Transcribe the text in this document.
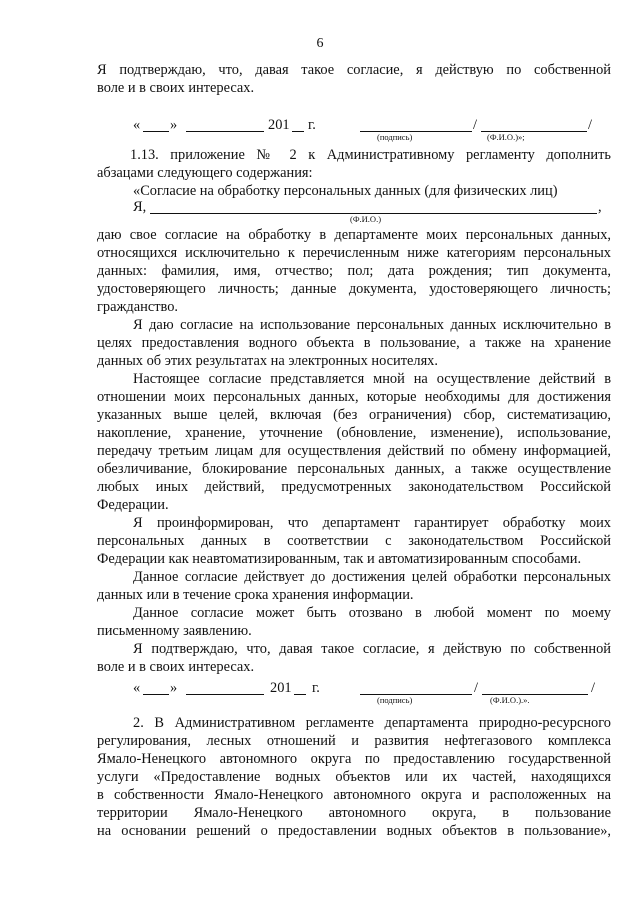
6
Я подтверждаю, что, давая такое согласие, я действую по собственной
воле и в своих интересах.
« »	201 г.	/	/
(подпись)	(Ф.И.О.)»;
1.13. приложение № 2 к Административному регламенту дополнить
абзацами следующего содержания:
«Согласие на обработку персональных данных (для физических лиц)
Я,	,
(Ф.И.О.)
даю свое согласие на обработку в департаменте моих персональных данных,
относящихся исключительно к перечисленным ниже категориям персональных
данных: фамилия, имя, отчество; пол; дата рождения; тип документа,
удостоверяющего личность; данные документа, удостоверяющего личность;
гражданство.
Я даю согласие на использование персональных данных исключительно в
целях предоставления водного объекта в пользование, а также на хранение
данных об этих результатах на электронных носителях.
Настоящее согласие представляется мной на осуществление действий в
отношении моих персональных данных, которые необходимы для достижения
указанных выше целей, включая (без ограничения) сбор, систематизацию,
накопление, хранение, уточнение (обновление, изменение), использование,
передачу третьим лицам для осуществления действий по обмену информацией,
обезличивание, блокирование персональных данных, а также осуществление
любых иных действий, предусмотренных законодательством Российской
Федерации.
Я проинформирован, что департамент гарантирует обработку моих
персональных данных в соответствии с законодательством Российской
Федерации как неавтоматизированным, так и автоматизированным способами.
Данное согласие действует до достижения целей обработки персональных
данных или в течение срока хранения информации.
Данное согласие может быть отозвано в любой момент по моему
письменному заявлению.
Я подтверждаю, что, давая такое согласие, я действую по собственной
воле и в своих интересах.
« »	201 г.	/	/
(подпись)	(Ф.И.О.).».
2. В Административном регламенте департамента природно-ресурсного
регулирования, лесных отношений и развития нефтегазового комплекса
Ямало-Ненецкого автономного округа по предоставлению государственной
услуги «Предоставление водных объектов или их частей, находящихся
в собственности Ямало-Ненецкого автономного округа и расположенных на
территории Ямало-Ненецкого автономного округа, в пользование
на основании решений о предоставлении водных объектов в пользование»,
